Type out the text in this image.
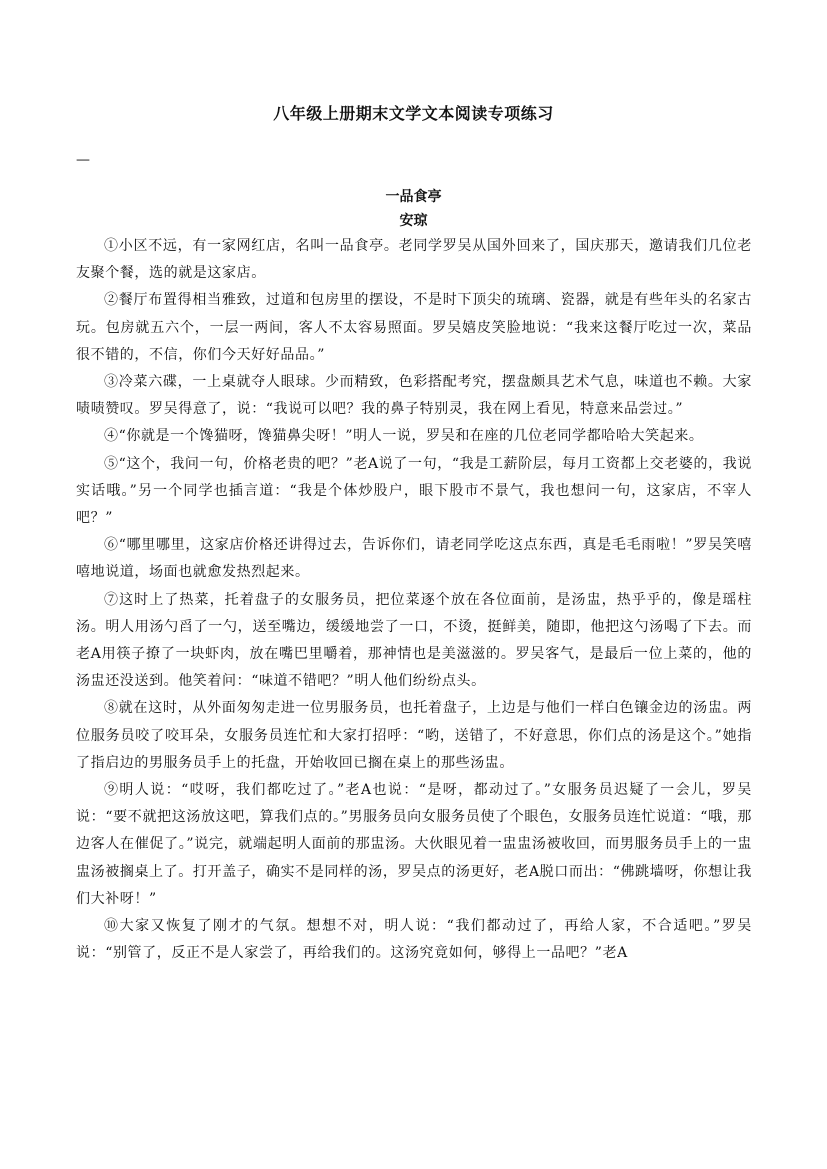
八年级上册期末文学文本阅读专项练习
—
一品食亭
安琼

①小区不远，有一家网红店，名叫一品食亭。老同学罗吴从国外回来了，国庆那天，邀请我们几位老友聚个餐，选的就是这家店。

②餐厅布置得相当雅致，过道和包房里的摆设，不是时下顶尖的琉璃、瓷器，就是有些年头的名家古玩。包房就五六个，一层一两间，客人不太容易照面。罗吴嬉皮笑脸地说：“我来这餐厅吃过一次，菜品很不错的，不信，你们今天好好品品。”

③冷菜六碟，一上桌就夺人眼球。少而精致，色彩搭配考究，摆盘颇具艺术气息，味道也不赖。大家啧啧赞叹。罗吴得意了，说：“我说可以吧？我的鼻子特别灵，我在网上看见，特意来品尝过。”

④“你就是一个馋猫呀，馋猫鼻尖呀！”明人一说，罗吴和在座的几位老同学都哈哈大笑起来。

⑤“这个，我问一句，价格老贵的吧？”老A说了一句，“我是工薪阶层，每月工资都上交老婆的，我说实话哦。”另一个同学也插言道：“我是个体炒股户，眼下股市不景气，我也想问一句，这家店，不宰人吧？”

⑥“哪里哪里，这家店价格还讲得过去，告诉你们，请老同学吃这点东西，真是毛毛雨啦！”罗吴笑嘻嘻地说道，场面也就愈发热烈起来。

⑦这时上了热菜，托着盘子的女服务员，把位菜逐个放在各位面前，是汤盅，热乎乎的，像是瑶柱汤。明人用汤勺舀了一勺，送至嘴边，缓缓地尝了一口，不烫，挺鲜美，随即，他把这勺汤喝了下去。而老A用筷子撩了一块虾肉，放在嘴巴里嚼着，那神情也是美滋滋的。罗吴客气，是最后一位上菜的，他的汤盅还没送到。他笑着问：“味道不错吧？”明人他们纷纷点头。

⑧就在这时，从外面匆匆走进一位男服务员，也托着盘子，上边是与他们一样白色镶金边的汤盅。两位服务员咬了咬耳朵，女服务员连忙和大家打招呼：“哟，送错了，不好意思，你们点的汤是这个。”她指了指启边的男服务员手上的托盘，开始收回已搁在桌上的那些汤盅。

⑨明人说：“哎呀，我们都吃过了。”老A也说：“是呀，都动过了。”女服务员迟疑了一会儿，罗吴说：“要不就把这汤放这吧，算我们点的。”男服务员向女服务员使了个眼色，女服务员连忙说道：“哦，那边客人在催促了。”说完，就端起明人面前的那盅汤。大伙眼见着一盅盅汤被收回，而男服务员手上的一盅盅汤被搁桌上了。打开盖子，确实不是同样的汤，罗吴点的汤更好，老A脱口而出：“佛跳墙呀，你想让我们大补呀！”

⑩大家又恢复了刚才的气氛。想想不对，明人说：“我们都动过了，再给人家，不合适吧。”罗吴说：“别管了，反正不是人家尝了，再给我们的。这汤究竟如何，够得上一品吧？”老A
